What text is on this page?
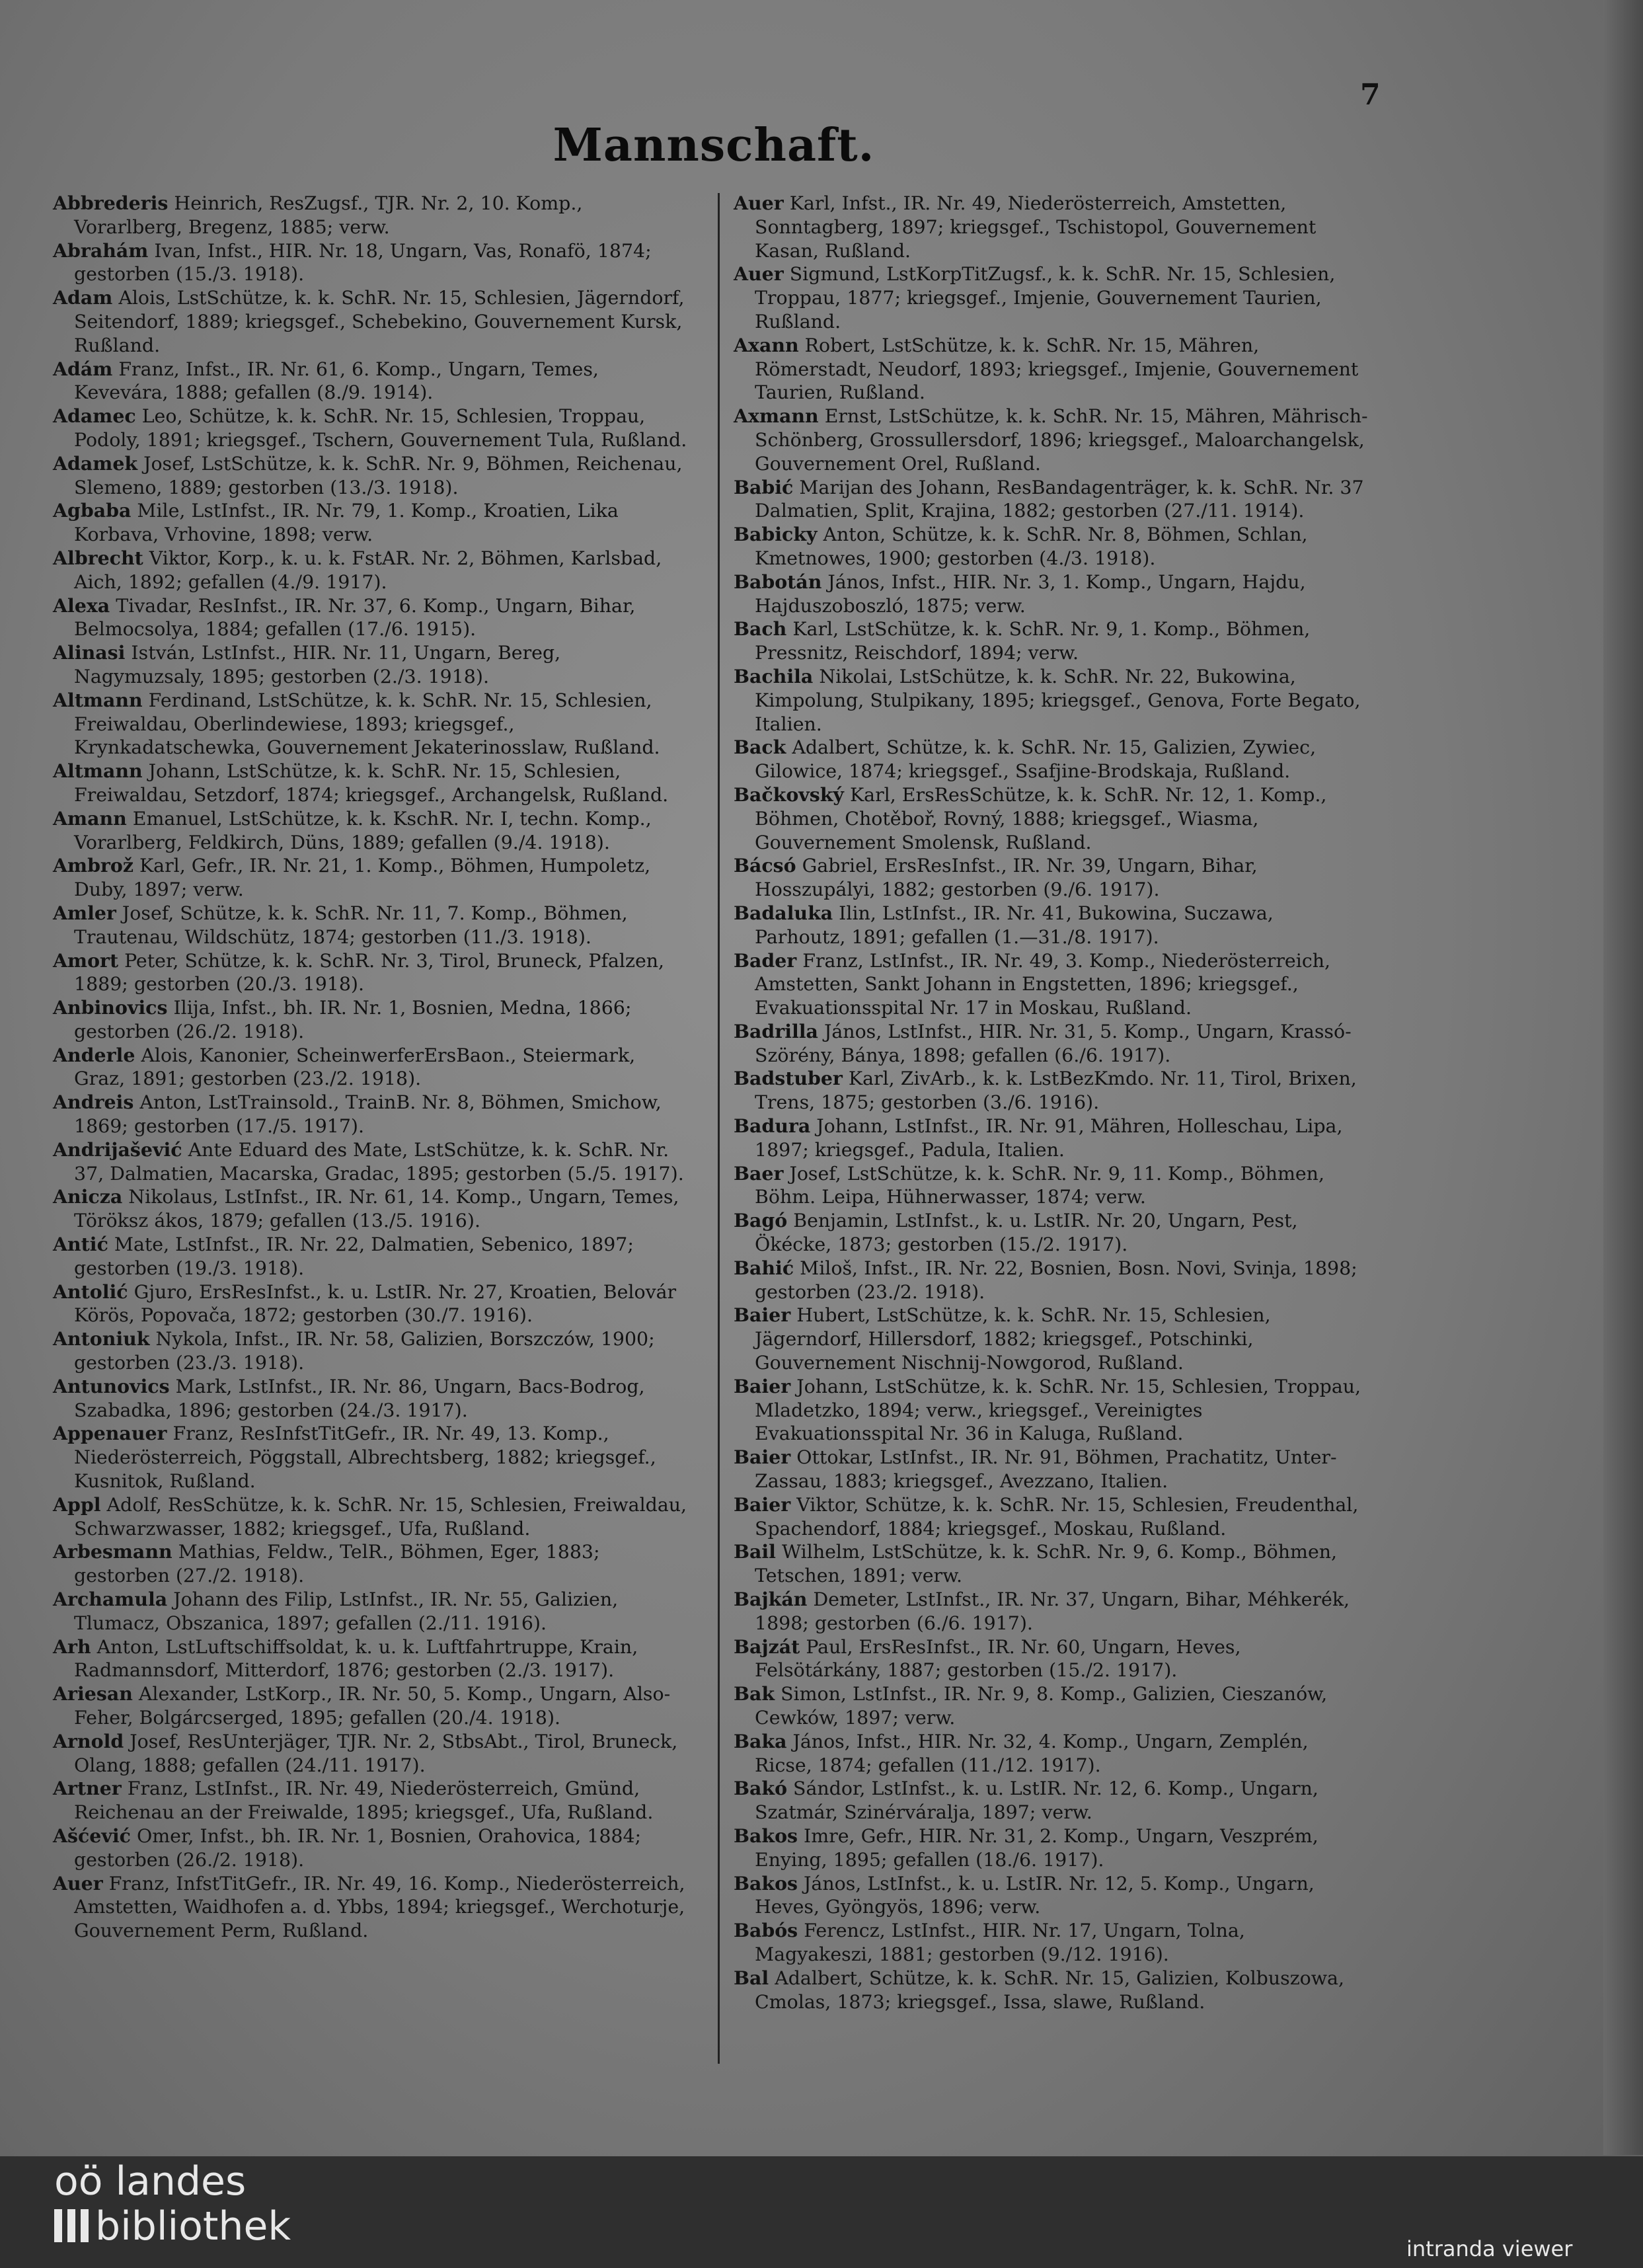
7
Mannschaft.
Abbrederis Heinrich, ResZugsf., TJR. Nr. 2, 10. Komp., Vorarlberg, Bregenz, 1885; verw.
Abrahám Ivan, Infst., HIR. Nr. 18, Ungarn, Vas, Ronafö, 1874; gestorben (15./3. 1918).
Adam Alois, LstSchütze, k. k. SchR. Nr. 15, Schlesien, Jägerndorf, Seitendorf, 1889; kriegsgef., Schebekino, Gouvernement Kursk, Rußland.
Adám Franz, Infst., IR. Nr. 61, 6. Komp., Ungarn, Temes, Kevevára, 1888; gefallen (8./9. 1914).
Adamec Leo, Schütze, k. k. SchR. Nr. 15, Schlesien, Troppau, Podoly, 1891; kriegsgef., Tschern, Gouvernement Tula, Rußland.
Adamek Josef, LstSchütze, k. k. SchR. Nr. 9, Böhmen, Reichenau, Slemeno, 1889; gestorben (13./3. 1918).
Agbaba Mile, LstInfst., IR. Nr. 79, 1. Komp., Kroatien, Lika Korbava, Vrhovine, 1898; verw.
Albrecht Viktor, Korp., k. u. k. FstAR. Nr. 2, Böhmen, Karlsbad, Aich, 1892; gefallen (4./9. 1917).
Alexa Tivadar, ResInfst., IR. Nr. 37, 6. Komp., Ungarn, Bihar, Belmocsolya, 1884; gefallen (17./6. 1915).
Alinasi István, LstInfst., HIR. Nr. 11, Ungarn, Bereg, Nagymuzsaly, 1895; gestorben (2./3. 1918).
Altmann Ferdinand, LstSchütze, k. k. SchR. Nr. 15, Schlesien, Freiwaldau, Oberlindewiese, 1893; kriegsgef., Krynkadatschewka, Gouvernement Jekaterinosslaw, Rußland.
Altmann Johann, LstSchütze, k. k. SchR. Nr. 15, Schlesien, Freiwaldau, Setzdorf, 1874; kriegsgef., Archangelsk, Rußland.
Amann Emanuel, LstSchütze, k. k. KschR. Nr. I, techn. Komp., Vorarlberg, Feldkirch, Düns, 1889; gefallen (9./4. 1918).
Ambrož Karl, Gefr., IR. Nr. 21, 1. Komp., Böhmen, Humpoletz, Duby, 1897; verw.
Amler Josef, Schütze, k. k. SchR. Nr. 11, 7. Komp., Böhmen, Trautenau, Wildschütz, 1874; gestorben (11./3. 1918).
Amort Peter, Schütze, k. k. SchR. Nr. 3, Tirol, Bruneck, Pfalzen, 1889; gestorben (20./3. 1918).
Anbinovics Ilija, Infst., bh. IR. Nr. 1, Bosnien, Medna, 1866; gestorben (26./2. 1918).
Anderle Alois, Kanonier, ScheinwerferErsBaon., Steiermark, Graz, 1891; gestorben (23./2. 1918).
Andreis Anton, LstTrainsold., TrainB. Nr. 8, Böhmen, Smichow, 1869; gestorben (17./5. 1917).
Andrijašević Ante Eduard des Mate, LstSchütze, k. k. SchR. Nr. 37, Dalmatien, Macarska, Gradac, 1895; gestorben (5./5. 1917).
Anicza Nikolaus, LstInfst., IR. Nr. 61, 14. Komp., Ungarn, Temes, Töröksz ákos, 1879; gefallen (13./5. 1916).
Antić Mate, LstInfst., IR. Nr. 22, Dalmatien, Sebenico, 1897; gestorben (19./3. 1918).
Antolić Gjuro, ErsResInfst., k. u. LstIR. Nr. 27, Kroatien, Belovár Körös, Popovača, 1872; gestorben (30./7. 1916).
Antoniuk Nykola, Infst., IR. Nr. 58, Galizien, Borszczów, 1900; gestorben (23./3. 1918).
Antunovics Mark, LstInfst., IR. Nr. 86, Ungarn, Bacs-Bodrog, Szabadka, 1896; gestorben (24./3. 1917).
Appenauer Franz, ResInfstTitGefr., IR. Nr. 49, 13. Komp., Niederösterreich, Pöggstall, Albrechtsberg, 1882; kriegsgef., Kusnitok, Rußland.
Appl Adolf, ResSchütze, k. k. SchR. Nr. 15, Schlesien, Freiwaldau, Schwarzwasser, 1882; kriegsgef., Ufa, Rußland.
Arbesmann Mathias, Feldw., TelR., Böhmen, Eger, 1883; gestorben (27./2. 1918).
Archamula Johann des Filip, LstInfst., IR. Nr. 55, Galizien, Tlumacz, Obszanica, 1897; gefallen (2./11. 1916).
Arh Anton, LstLuftschiffsoldat, k. u. k. Luftfahrtruppe, Krain, Radmannsdorf, Mitterdorf, 1876; gestorben (2./3. 1917).
Ariesan Alexander, LstKorp., IR. Nr. 50, 5. Komp., Ungarn, Also-Feher, Bolgárcserged, 1895; gefallen (20./4. 1918).
Arnold Josef, ResUnterjäger, TJR. Nr. 2, StbsAbt., Tirol, Bruneck, Olang, 1888; gefallen (24./11. 1917).
Artner Franz, LstInfst., IR. Nr. 49, Niederösterreich, Gmünd, Reichenau an der Freiwalde, 1895; kriegsgef., Ufa, Rußland.
Ašćević Omer, Infst., bh. IR. Nr. 1, Bosnien, Orahovica, 1884; gestorben (26./2. 1918).
Auer Franz, InfstTitGefr., IR. Nr. 49, 16. Komp., Niederösterreich, Amstetten, Waidhofen a. d. Ybbs, 1894; kriegsgef., Werchoturje, Gouvernement Perm, Rußland.
Auer Karl, Infst., IR. Nr. 49, Niederösterreich, Amstetten, Sonntagberg, 1897; kriegsgef., Tschistopol, Gouvernement Kasan, Rußland.
Auer Sigmund, LstKorpTitZugsf., k. k. SchR. Nr. 15, Schlesien, Troppau, 1877; kriegsgef., Imjenie, Gouvernement Taurien, Rußland.
Axann Robert, LstSchütze, k. k. SchR. Nr. 15, Mähren, Römerstadt, Neudorf, 1893; kriegsgef., Imjenie, Gouvernement Taurien, Rußland.
Axmann Ernst, LstSchütze, k. k. SchR. Nr. 15, Mähren, Mährisch-Schönberg, Grossullersdorf, 1896; kriegsgef., Maloarchangelsk, Gouvernement Orel, Rußland.
Babić Marijan des Johann, ResBandagenträger, k. k. SchR. Nr. 37 Dalmatien, Split, Krajina, 1882; gestorben (27./11. 1914).
Babicky Anton, Schütze, k. k. SchR. Nr. 8, Böhmen, Schlan, Kmetnowes, 1900; gestorben (4./3. 1918).
Babotán János, Infst., HIR. Nr. 3, 1. Komp., Ungarn, Hajdu, Hajduszoboszló, 1875; verw.
Bach Karl, LstSchütze, k. k. SchR. Nr. 9, 1. Komp., Böhmen, Pressnitz, Reischdorf, 1894; verw.
Bachila Nikolai, LstSchütze, k. k. SchR. Nr. 22, Bukowina, Kimpolung, Stulpikany, 1895; kriegsgef., Genova, Forte Begato, Italien.
Back Adalbert, Schütze, k. k. SchR. Nr. 15, Galizien, Zywiec, Gilowice, 1874; kriegsgef., Ssafjine-Brodskaja, Rußland.
Bačkovský Karl, ErsResSchütze, k. k. SchR. Nr. 12, 1. Komp., Böhmen, Chotěboř, Rovný, 1888; kriegsgef., Wiasma, Gouvernement Smolensk, Rußland.
Bácsó Gabriel, ErsResInfst., IR. Nr. 39, Ungarn, Bihar, Hosszupályi, 1882; gestorben (9./6. 1917).
Badaluka Ilin, LstInfst., IR. Nr. 41, Bukowina, Suczawa, Parhoutz, 1891; gefallen (1.—31./8. 1917).
Bader Franz, LstInfst., IR. Nr. 49, 3. Komp., Niederösterreich, Amstetten, Sankt Johann in Engstetten, 1896; kriegsgef., Evakuationsspital Nr. 17 in Moskau, Rußland.
Badrilla János, LstInfst., HIR. Nr. 31, 5. Komp., Ungarn, Krassó-Szörény, Bánya, 1898; gefallen (6./6. 1917).
Badstuber Karl, ZivArb., k. k. LstBezKmdo. Nr. 11, Tirol, Brixen, Trens, 1875; gestorben (3./6. 1916).
Badura Johann, LstInfst., IR. Nr. 91, Mähren, Holleschau, Lipa, 1897; kriegsgef., Padula, Italien.
Baer Josef, LstSchütze, k. k. SchR. Nr. 9, 11. Komp., Böhmen, Böhm. Leipa, Hühnerwasser, 1874; verw.
Bagó Benjamin, LstInfst., k. u. LstIR. Nr. 20, Ungarn, Pest, Ökécke, 1873; gestorben (15./2. 1917).
Bahić Miloš, Infst., IR. Nr. 22, Bosnien, Bosn. Novi, Svinja, 1898; gestorben (23./2. 1918).
Baier Hubert, LstSchütze, k. k. SchR. Nr. 15, Schlesien, Jägerndorf, Hillersdorf, 1882; kriegsgef., Potschinki, Gouvernement Nischnij-Nowgorod, Rußland.
Baier Johann, LstSchütze, k. k. SchR. Nr. 15, Schlesien, Troppau, Mladetzko, 1894; verw., kriegsgef., Vereinigtes Evakuationsspital Nr. 36 in Kaluga, Rußland.
Baier Ottokar, LstInfst., IR. Nr. 91, Böhmen, Prachatitz, Unter-Zassau, 1883; kriegsgef., Avezzano, Italien.
Baier Viktor, Schütze, k. k. SchR. Nr. 15, Schlesien, Freudenthal, Spachendorf, 1884; kriegsgef., Moskau, Rußland.
Bail Wilhelm, LstSchütze, k. k. SchR. Nr. 9, 6. Komp., Böhmen, Tetschen, 1891; verw.
Bajkán Demeter, LstInfst., IR. Nr. 37, Ungarn, Bihar, Méhkerék, 1898; gestorben (6./6. 1917).
Bajzát Paul, ErsResInfst., IR. Nr. 60, Ungarn, Heves, Felsötárkány, 1887; gestorben (15./2. 1917).
Bak Simon, LstInfst., IR. Nr. 9, 8. Komp., Galizien, Cieszanów, Cewków, 1897; verw.
Baka János, Infst., HIR. Nr. 32, 4. Komp., Ungarn, Zemplén, Ricse, 1874; gefallen (11./12. 1917).
Bakó Sándor, LstInfst., k. u. LstIR. Nr. 12, 6. Komp., Ungarn, Szatmár, Szinérváralja, 1897; verw.
Bakos Imre, Gefr., HIR. Nr. 31, 2. Komp., Ungarn, Veszprém, Enying, 1895; gefallen (18./6. 1917).
Bakos János, LstInfst., k. u. LstIR. Nr. 12, 5. Komp., Ungarn, Heves, Gyöngyös, 1896; verw.
Babós Ferencz, LstInfst., HIR. Nr. 17, Ungarn, Tolna, Magyakeszi, 1881; gestorben (9./12. 1916).
Bal Adalbert, Schütze, k. k. SchR. Nr. 15, Galizien, Kolbuszowa, Cmolas, 1873; kriegsgef., Issa, slawe, Rußland.
oö landes
bibliothek	intranda viewer
